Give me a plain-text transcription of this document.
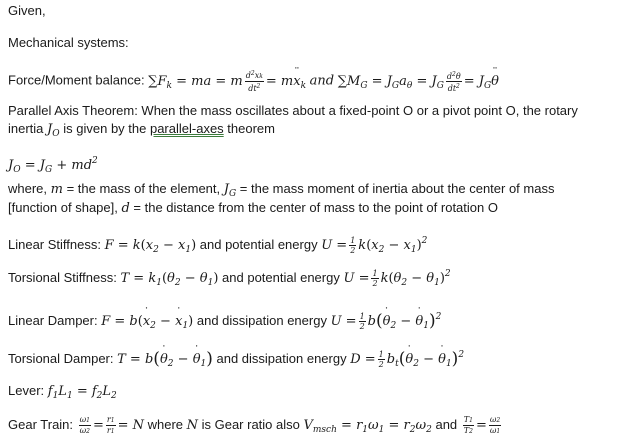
Given,
Mechanical systems:
Force/Moment balance: $\sum F_k$ = ma = m $\frac{d^2xk}{dt^2}$ = mx $¨_k$ and $\sum M_G = J_Ga_\theta = J_G \frac{d^2\theta}{dt^2} = J_G\theta$ ¨
Parallel Axis Theorem: When the mass oscillates about a fixed-point O or a pivot point O, the rotary
inertia $J_O$ is given by the parallel-axes theorem
$J_O = J_G + md^2$
where, m = the mass of the element, $J_G$ = the mass moment of inertia about the center of mass
[function of shape], d = the distance from the center of mass to the point of rotation O
Linear Stiffness: $F = k(x_2 - x_1)$ and potential energy $U = \frac{1}{2} k(x_2 - x_1)^2$
Torsional Stiffness: $T = k_1(\theta_2 - \theta_1)$ and potential energy $U = \frac{1}{2} k(\theta_2 - \theta_1)^2$
Linear Damper: F = b(x $˙_2 - x$ $˙_1$) and dissipation energy $U = \frac{1}{2} b(\theta$ $˙_2 - \theta$ $˙_1)^2$
Torsional Damper: T = b(θ $˙_2 - \theta$ $˙_1$) and dissipation energy $D = \frac{1}{2} b_t(\theta$ $˙_2 - \theta$ $˙_1)^2$
Lever: $f_1L_1 = f_2L_2$
Gear Train: $\frac{\omega 1}{\omega 2} = \frac{r1}{r1} = N$ where N is Gear ratio also $V_{msch} = r_1\omega_1 = r_2\omega_2$ and $\frac{T1}{T2} = \frac{\omega 2}{\omega 1}$
